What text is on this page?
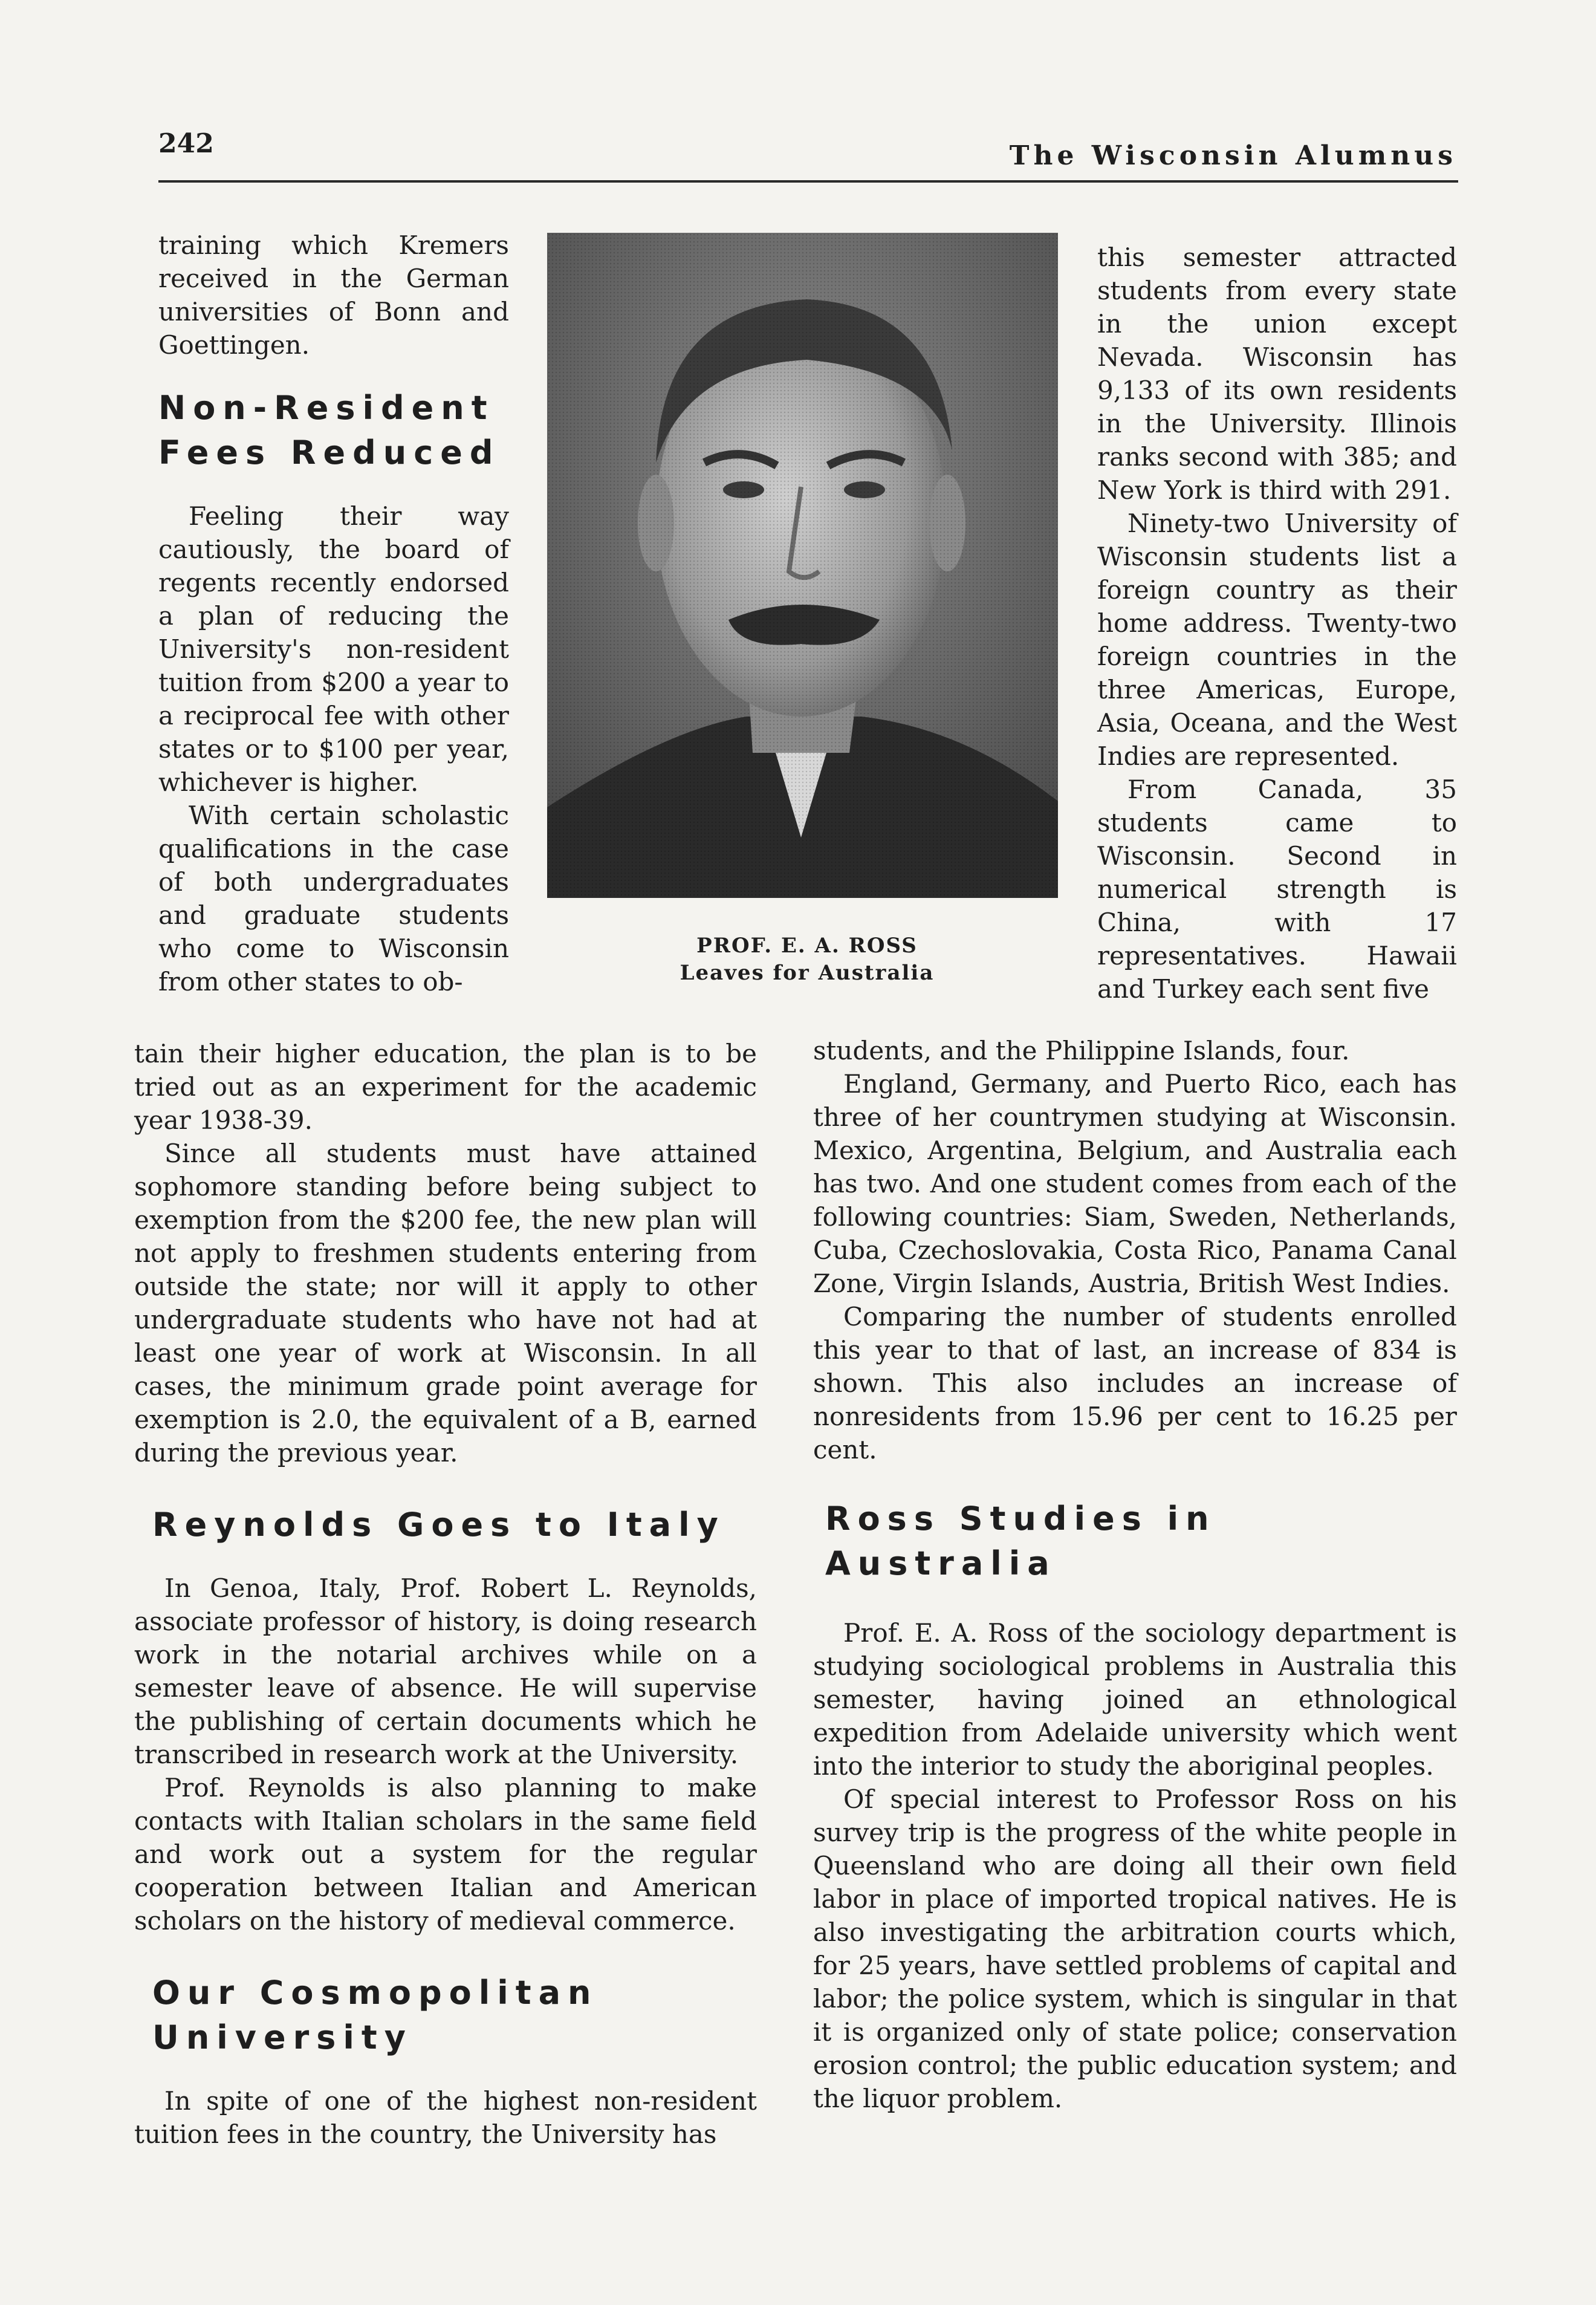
242	The Wisconsin Alumnus

training which Kremers received in the German universities of Bonn and Goettingen.

Non-Resident
Fees Reduced

Feeling their way cautiously, the board of regents recently endorsed a plan of reducing the University's non-resident tuition from $200 a year to a reciprocal fee with other states or to $100 per year, whichever is higher.

With certain scholastic qualifications in the case of both undergraduates and graduate students who come to Wisconsin from other states to ob-

PROF. E. A. ROSS
Leaves for Australia

tain their higher education, the plan is to be tried out as an experiment for the academic year 1938-39.

Since all students must have attained sophomore standing before being subject to exemption from the $200 fee, the new plan will not apply to freshmen students entering from outside the state; nor will it apply to other undergraduate students who have not had at least one year of work at Wisconsin. In all cases, the minimum grade point average for exemption is 2.0, the equivalent of a B, earned during the previous year.

Reynolds Goes to Italy

In Genoa, Italy, Prof. Robert L. Reynolds, associate professor of history, is doing research work in the notarial archives while on a semester leave of absence. He will supervise the publishing of certain documents which he transcribed in research work at the University.

Prof. Reynolds is also planning to make contacts with Italian scholars in the same field and work out a system for the regular cooperation between Italian and American scholars on the history of medieval commerce.

Our Cosmopolitan
University

In spite of one of the highest non-resident tuition fees in the country, the University has

this semester attracted students from every state in the union except Nevada. Wisconsin has 9,133 of its own residents in the University. Illinois ranks second with 385; and New York is third with 291.

Ninety-two University of Wisconsin students list a foreign country as their home address. Twenty-two foreign countries in the three Americas, Europe, Asia, Oceana, and the West Indies are represented.

From Canada, 35 students came to Wisconsin. Second in numerical strength is China, with 17 representatives. Hawaii and Turkey each sent five

students, and the Philippine Islands, four.

England, Germany, and Puerto Rico, each has three of her countrymen studying at Wisconsin. Mexico, Argentina, Belgium, and Australia each has two. And one student comes from each of the following countries: Siam, Sweden, Netherlands, Cuba, Czechoslovakia, Costa Rico, Panama Canal Zone, Virgin Islands, Austria, British West Indies.

Comparing the number of students enrolled this year to that of last, an increase of 834 is shown. This also includes an increase of nonresidents from 15.96 per cent to 16.25 per cent.

Ross Studies in Australia

Prof. E. A. Ross of the sociology department is studying sociological problems in Australia this semester, having joined an ethnological expedition from Adelaide university which went into the interior to study the aboriginal peoples.

Of special interest to Professor Ross on his survey trip is the progress of the white people in Queensland who are doing all their own field labor in place of imported tropical natives. He is also investigating the arbitration courts which, for 25 years, have settled problems of capital and labor; the police system, which is singular in that it is organized only of state police; conservation erosion control; the public education system; and the liquor problem.
